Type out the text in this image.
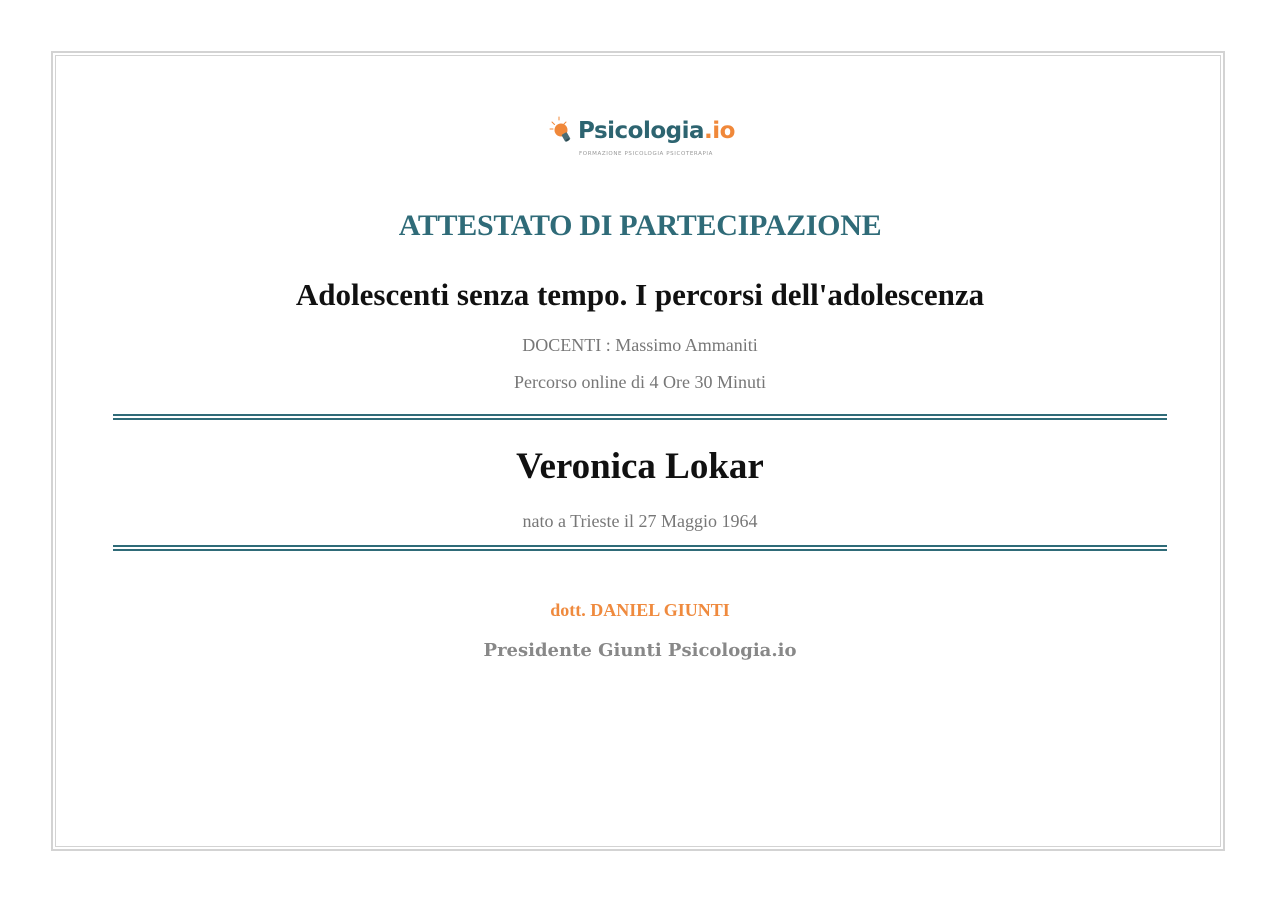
Psicologia.io
FORMAZIONE PSICOLOGIA PSICOTERAPIA
ATTESTATO DI PARTECIPAZIONE
Adolescenti senza tempo. I percorsi dell'adolescenza
DOCENTI : Massimo Ammaniti
Percorso online di 4 Ore 30 Minuti
Veronica Lokar
nato a Trieste il 27 Maggio 1964
dott. DANIEL GIUNTI
Presidente Giunti Psicologia.io
